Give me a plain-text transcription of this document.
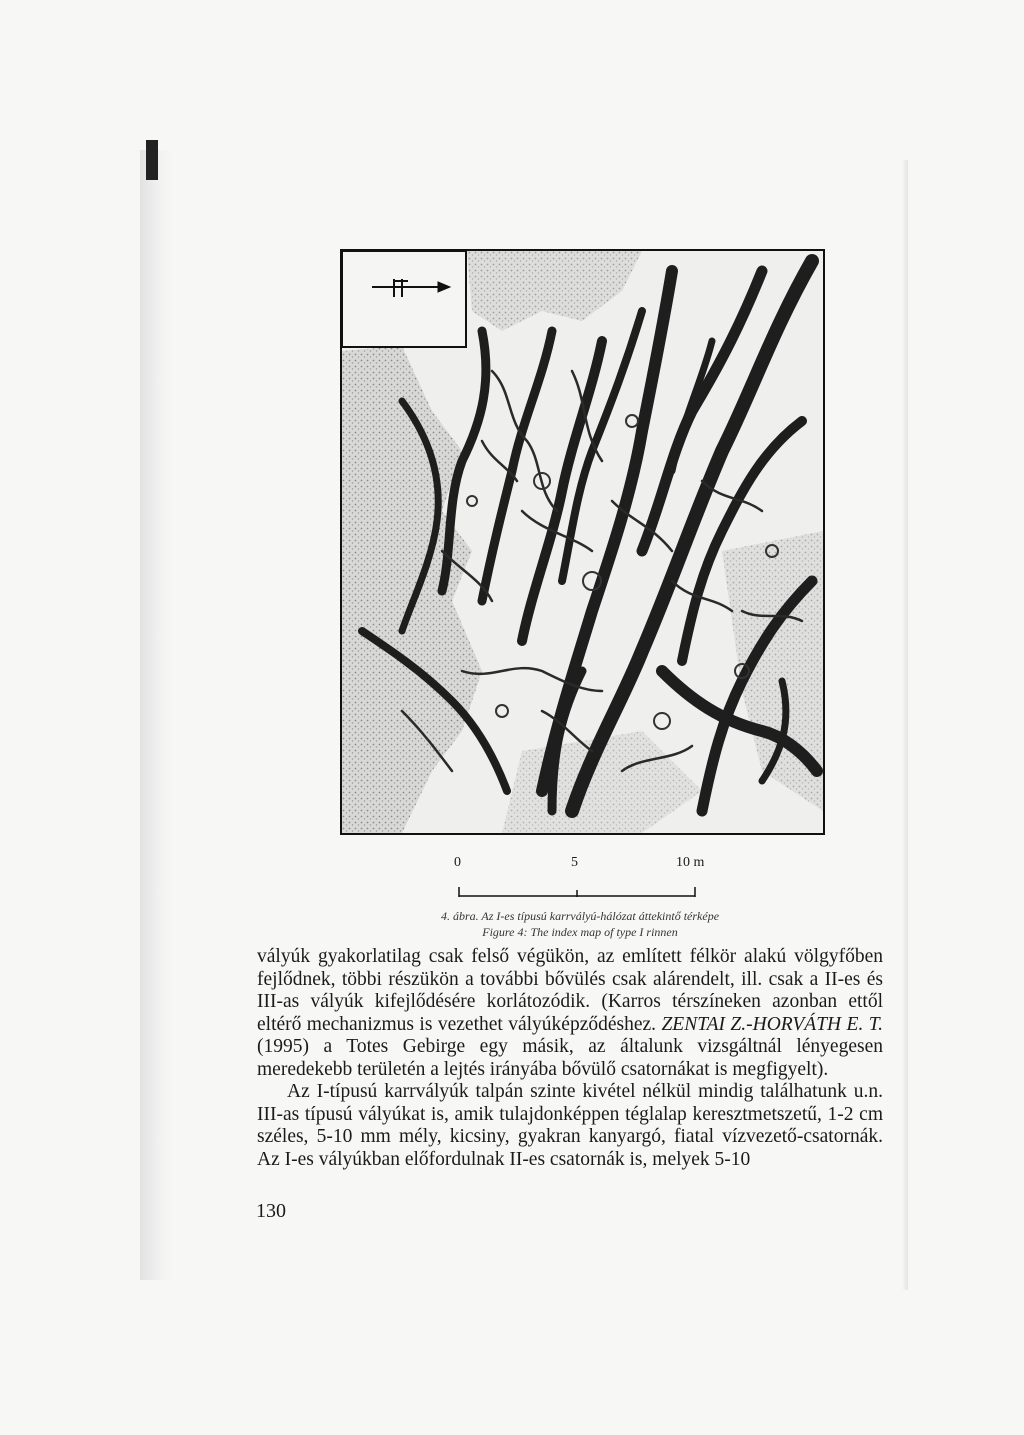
0	5	10 m
4. ábra. Az I-es típusú karrvályú-hálózat áttekintő térképe
Figure 4: The index map of type I rinnen

vályúk gyakorlatilag csak felső végükön, az említett félkör alakú völgyfőben fejlődnek, többi részükön a további bővülés csak alárendelt, ill. csak a II-es és III-as vályúk kifejlődésére korlátozódik. (Karros térszíneken azonban ettől eltérő mechanizmus is vezethet vályúképződéshez. ZENTAI Z.-HORVÁTH E. T. (1995) a Totes Gebirge egy másik, az általunk vizsgáltnál lényegesen meredekebb területén a lejtés irányába bővülő csatornákat is megfigyelt).

Az I-típusú karrvályúk talpán szinte kivétel nélkül mindig találhatunk u.n. III-as típusú vályúkat is, amik tulajdonképpen téglalap keresztmetszetű, 1-2 cm széles, 5-10 mm mély, kicsiny, gyakran kanyargó, fiatal vízvezető-csatornák. Az I-es vályúkban előfordulnak II-es csatornák is, melyek 5-10

130
